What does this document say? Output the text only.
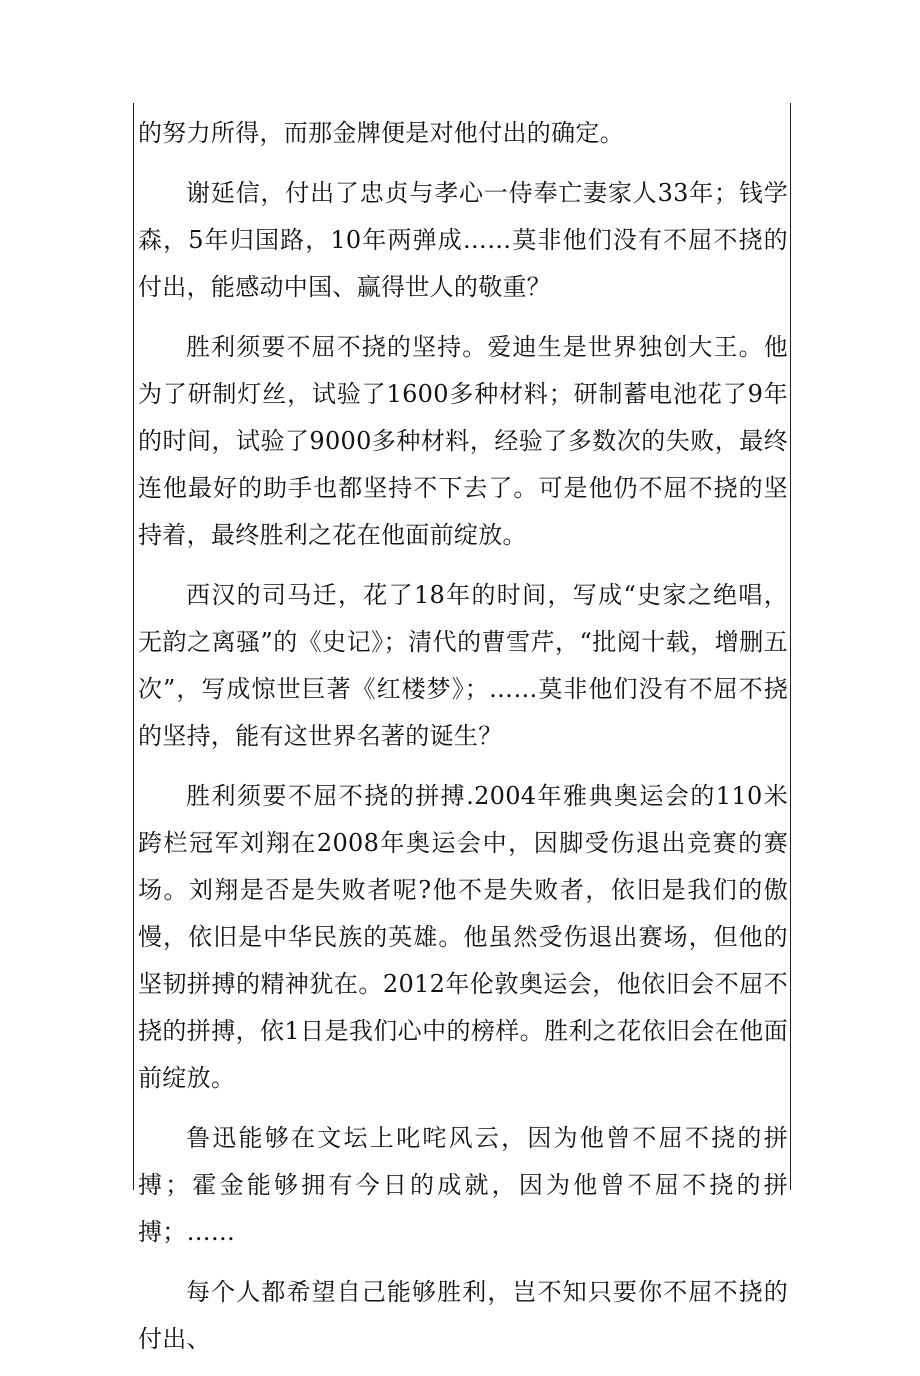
的努力所得，而那金牌便是对他付出的确定。

谢延信，付出了忠贞与孝心一侍奉亡妻家人33年；钱学森，5年归国路，10年两弹成……莫非他们没有不屈不挠的付出，能感动中国、赢得世人的敬重？

胜利须要不屈不挠的坚持。爱迪生是世界独创大王。他为了研制灯丝，试验了1600多种材料；研制蓄电池花了9年的时间，试验了9000多种材料，经验了多数次的失败，最终连他最好的助手也都坚持不下去了。可是他仍不屈不挠的坚持着，最终胜利之花在他面前绽放。

西汉的司马迁，花了18年的时间，写成“史家之绝唱，无韵之离骚”的《史记》；清代的曹雪芹，“批阅十载，增删五次”，写成惊世巨著《红楼梦》；……莫非他们没有不屈不挠的坚持，能有这世界名著的诞生？

胜利须要不屈不挠的拼搏.2004年雅典奥运会的110米跨栏冠军刘翔在2008年奥运会中，因脚受伤退出竞赛的赛场。刘翔是否是失败者呢?他不是失败者，依旧是我们的傲慢，依旧是中华民族的英雄。他虽然受伤退出赛场，但他的坚韧拼搏的精神犹在。2012年伦敦奥运会，他依旧会不屈不挠的拼搏，依1日是我们心中的榜样。胜利之花依旧会在他面前绽放。

鲁迅能够在文坛上叱咤风云，因为他曾不屈不挠的拼搏；霍金能够拥有今日的成就，因为他曾不屈不挠的拼搏；……

每个人都希望自己能够胜利，岂不知只要你不屈不挠的付出、
